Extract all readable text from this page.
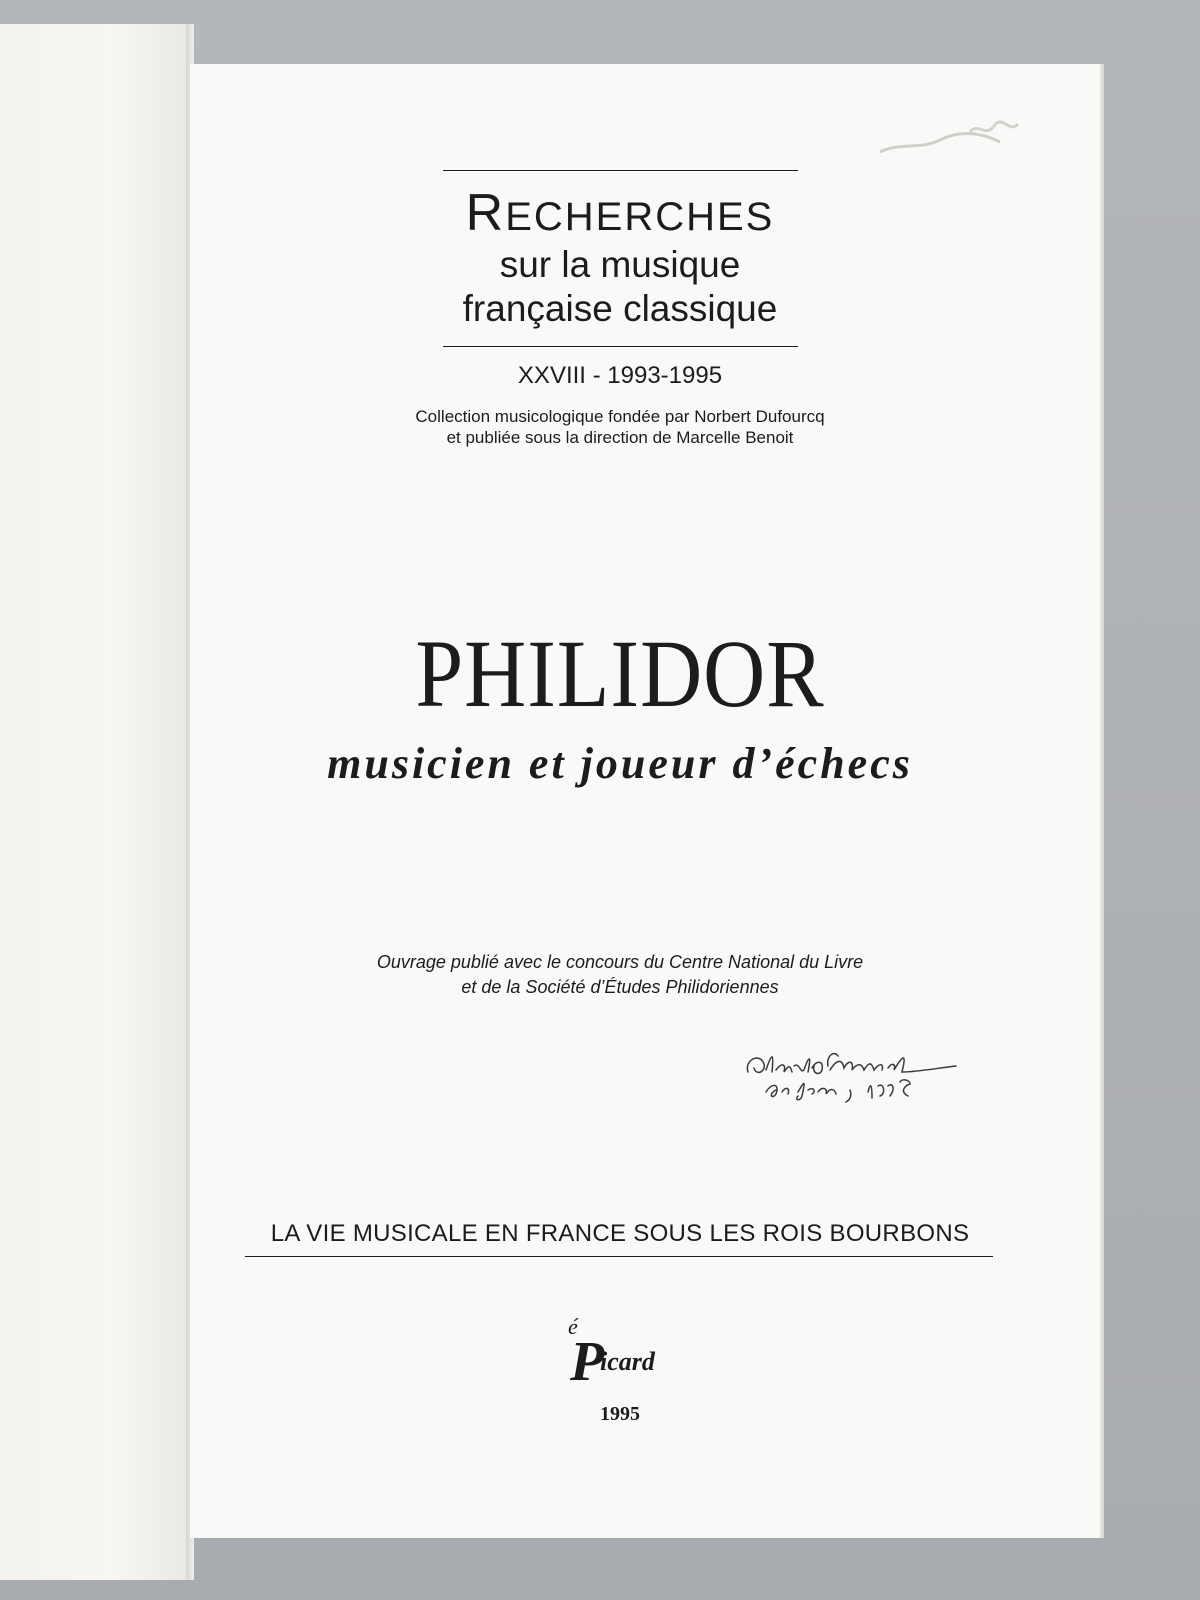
RECHERCHES
sur la musique
française classique
XXVIII - 1993-1995
Collection musicologique fondée par Norbert Dufourcq
et publiée sous la direction de Marcelle Benoit
PHILIDOR
musicien et joueur d’échecs
Ouvrage publié avec le concours du Centre National du Livre
et de la Société d’Études Philidoriennes
LA VIE MUSICALE EN FRANCE SOUS LES ROIS BOURBONS
é
P
icard
1995
